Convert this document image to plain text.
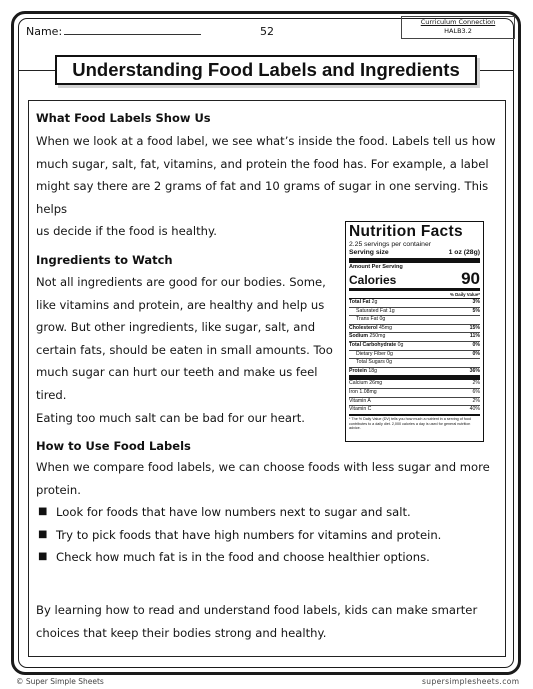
Name:	52
Curriculum Connection
HALB3.2
Understanding Food Labels and Ingredients
What Food Labels Show Us
When we look at a food label, we see what’s inside the food. Labels tell us how
much sugar, salt, fat, vitamins, and protein the food has. For example, a label
might say there are 2 grams of fat and 10 grams of sugar in one serving. This helps
us decide if the food is healthy.
Ingredients to Watch
Not all ingredients are good for our bodies. Some,
like vitamins and protein, are healthy and help us
grow. But other ingredients, like sugar, salt, and
certain fats, should be eaten in small amounts. Too
much sugar can hurt our teeth and make us feel tired.
Eating too much salt can be bad for our heart.
Nutrition Facts
2.25 servings per container
Serving size	1 oz (28g)
Amount Per Serving
Calories	90
% Daily Value*
Total Fat 2g	3%
Saturated Fat 1g	5%
Trans Fat 0g
Cholesterol 45mg	15%
Sodium 250mg	11%
Total Carbohydrate 0g	0%
Dietary Fiber 0g	0%
Total Sugars 0g
Protein 18g	36%
Calcium 26mg	2%
Iron 1.08mg	6%
Vitamin A	2%
Vitamin C	40%
* The % Daily Value (DV) tells you how much a nutrient in a serving of food contributes to a daily diet. 2,000 calories a day is used for general nutrition advice.
How to Use Food Labels
When we compare food labels, we can choose foods with less sugar and more
protein.
■ Look for foods that have low numbers next to sugar and salt.
■ Try to pick foods that have high numbers for vitamins and protein.
■ Check how much fat is in the food and choose healthier options.
By learning how to read and understand food labels, kids can make smarter
choices that keep their bodies strong and healthy.
© Super Simple Sheets	supersimplesheets.com
